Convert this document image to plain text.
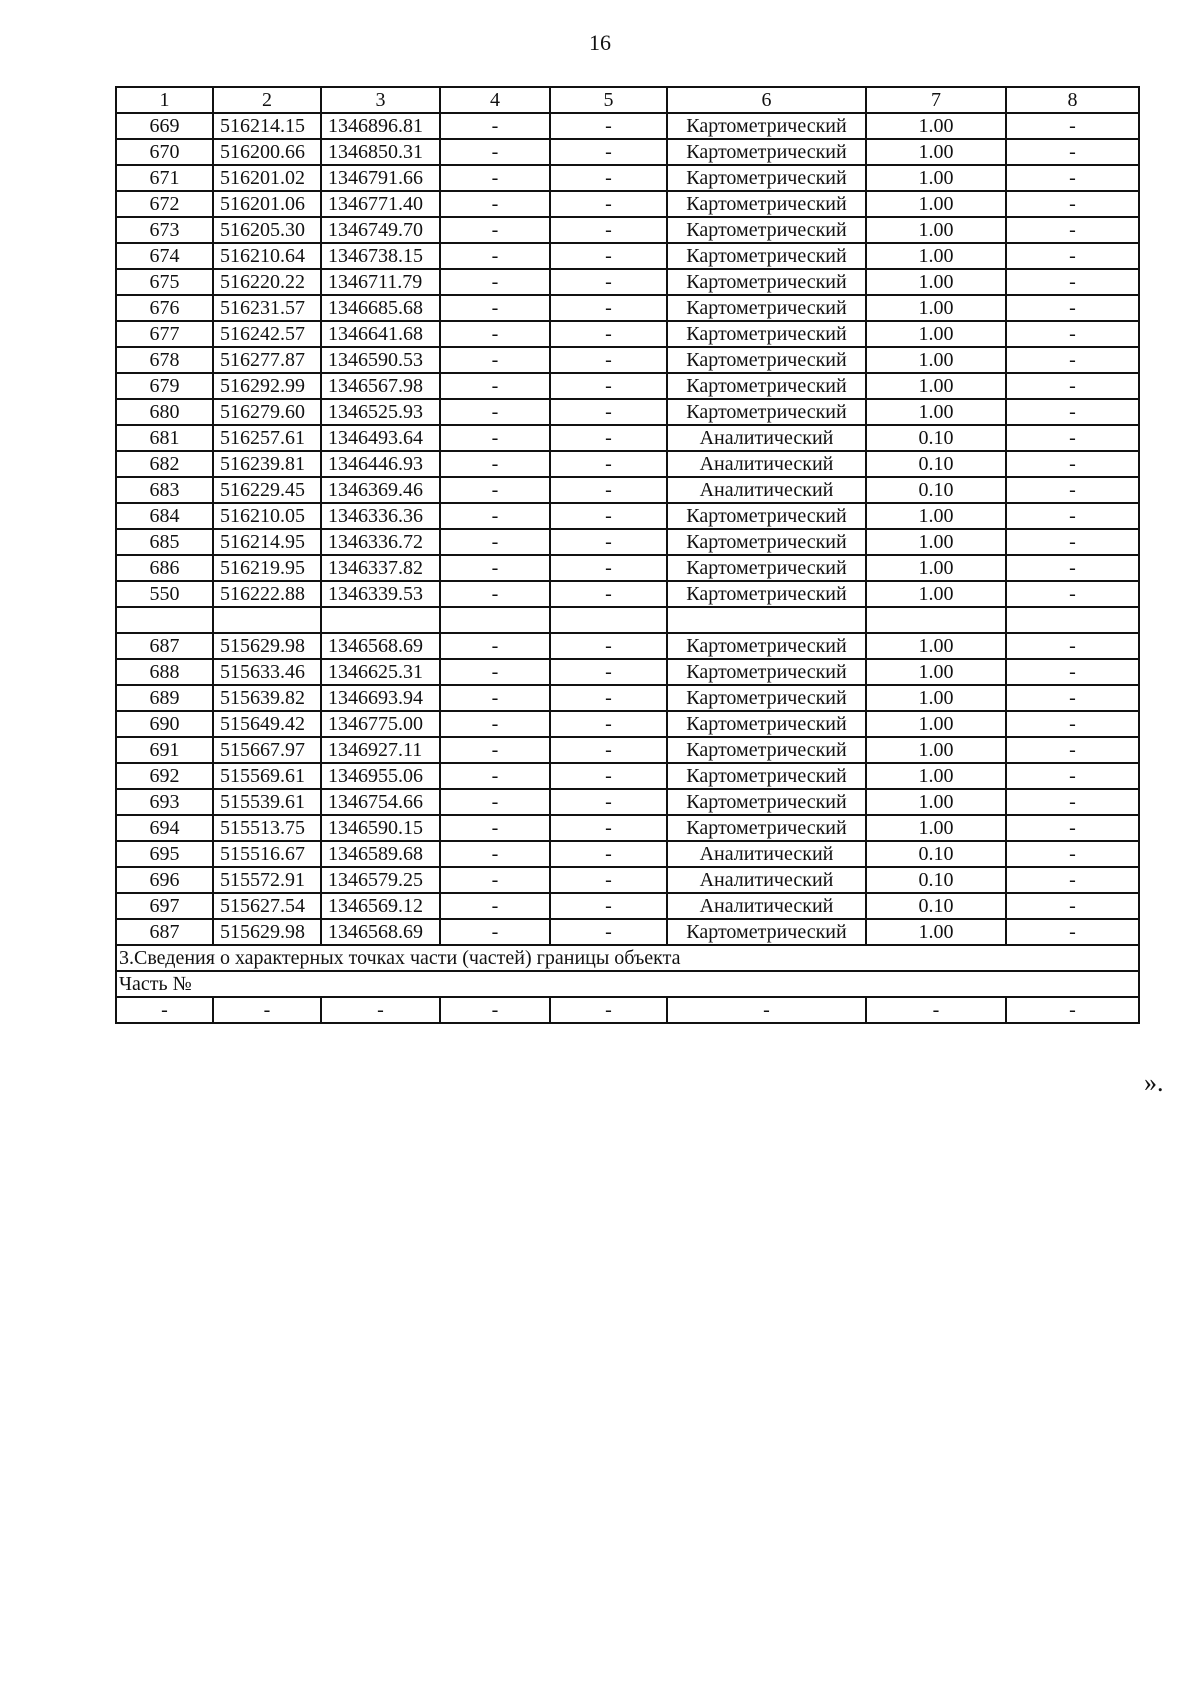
16
1	2	3	4	5	6	7	8
669	516214.15	1346896.81	-	-	Картометрический	1.00	-
670	516200.66	1346850.31	-	-	Картометрический	1.00	-
671	516201.02	1346791.66	-	-	Картометрический	1.00	-
672	516201.06	1346771.40	-	-	Картометрический	1.00	-
673	516205.30	1346749.70	-	-	Картометрический	1.00	-
674	516210.64	1346738.15	-	-	Картометрический	1.00	-
675	516220.22	1346711.79	-	-	Картометрический	1.00	-
676	516231.57	1346685.68	-	-	Картометрический	1.00	-
677	516242.57	1346641.68	-	-	Картометрический	1.00	-
678	516277.87	1346590.53	-	-	Картометрический	1.00	-
679	516292.99	1346567.98	-	-	Картометрический	1.00	-
680	516279.60	1346525.93	-	-	Картометрический	1.00	-
681	516257.61	1346493.64	-	-	Аналитический	0.10	-
682	516239.81	1346446.93	-	-	Аналитический	0.10	-
683	516229.45	1346369.46	-	-	Аналитический	0.10	-
684	516210.05	1346336.36	-	-	Картометрический	1.00	-
685	516214.95	1346336.72	-	-	Картометрический	1.00	-
686	516219.95	1346337.82	-	-	Картометрический	1.00	-
550	516222.88	1346339.53	-	-	Картометрический	1.00	-

687	515629.98	1346568.69	-	-	Картометрический	1.00	-
688	515633.46	1346625.31	-	-	Картометрический	1.00	-
689	515639.82	1346693.94	-	-	Картометрический	1.00	-
690	515649.42	1346775.00	-	-	Картометрический	1.00	-
691	515667.97	1346927.11	-	-	Картометрический	1.00	-
692	515569.61	1346955.06	-	-	Картометрический	1.00	-
693	515539.61	1346754.66	-	-	Картометрический	1.00	-
694	515513.75	1346590.15	-	-	Картометрический	1.00	-
695	515516.67	1346589.68	-	-	Аналитический	0.10	-
696	515572.91	1346579.25	-	-	Аналитический	0.10	-
697	515627.54	1346569.12	-	-	Аналитический	0.10	-
687	515629.98	1346568.69	-	-	Картометрический	1.00	-
3.Сведения о характерных точках части (частей) границы объекта							
Часть №							
-	-	-	-	-	-	-	-
».
